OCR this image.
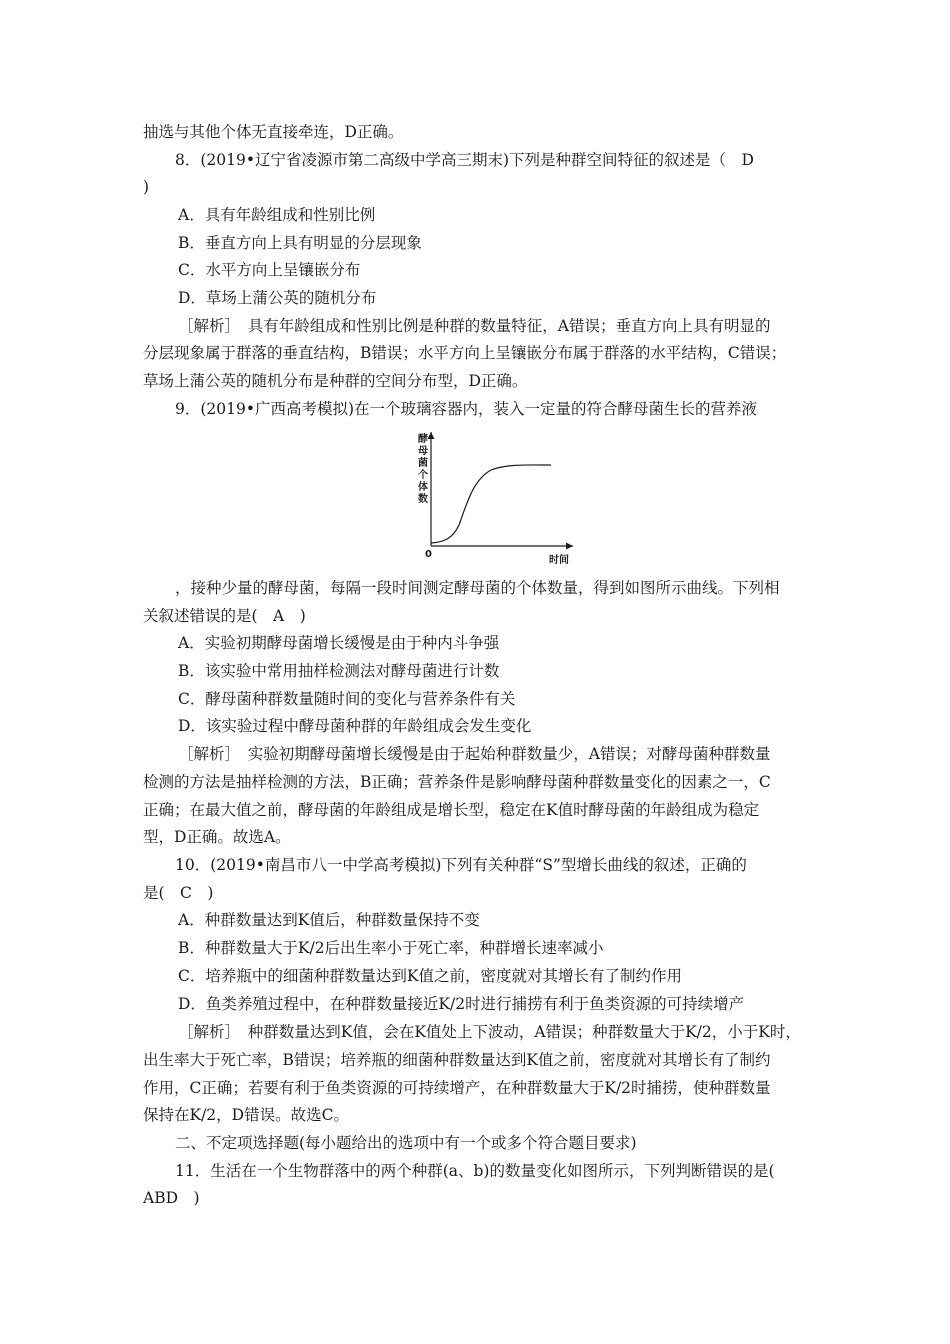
抽选与其他个体无直接牵连，D正确。
8．(2019•辽宁省凌源市第二高级中学高三期末)下列是种群空间特征的叙述是（　D
)
A．具有年龄组成和性别比例
B．垂直方向上具有明显的分层现象
C．水平方向上呈镶嵌分布
D．草场上蒲公英的随机分布
［解析］　具有年龄组成和性别比例是种群的数量特征，A错误；垂直方向上具有明显的
分层现象属于群落的垂直结构，B错误；水平方向上呈镶嵌分布属于群落的水平结构，C错误；
草场上蒲公英的随机分布是种群的空间分布型，D正确。
9．(2019•广西高考模拟)在一个玻璃容器内，装入一定量的符合酵母菌生长的营养液
酵
母
菌
个
体
数
0
时间
，接种少量的酵母菌，每隔一段时间测定酵母菌的个体数量，得到如图所示曲线。下列相
关叙述错误的是(　A　)
A．实验初期酵母菌增长缓慢是由于种内斗争强
B．该实验中常用抽样检测法对酵母菌进行计数
C．酵母菌种群数量随时间的变化与营养条件有关
D．该实验过程中酵母菌种群的年龄组成会发生变化
［解析］　实验初期酵母菌增长缓慢是由于起始种群数量少，A错误；对酵母菌种群数量
检测的方法是抽样检测的方法，B正确；营养条件是影响酵母菌种群数量变化的因素之一，C
正确；在最大值之前，酵母菌的年龄组成是增长型，稳定在K值时酵母菌的年龄组成为稳定
型，D正确。故选A。
10．(2019•南昌市八一中学高考模拟)下列有关种群“S”型增长曲线的叙述，正确的
是(　C　)
A．种群数量达到K值后，种群数量保持不变
B．种群数量大于K/2后出生率小于死亡率，种群增长速率减小
C．培养瓶中的细菌种群数量达到K值之前，密度就对其增长有了制约作用
D．鱼类养殖过程中，在种群数量接近K/2时进行捕捞有利于鱼类资源的可持续增产
［解析］　种群数量达到K值，会在K值处上下波动，A错误；种群数量大于K/2，小于K时，
出生率大于死亡率，B错误；培养瓶的细菌种群数量达到K值之前，密度就对其增长有了制约
作用，C正确；若要有利于鱼类资源的可持续增产，在种群数量大于K/2时捕捞，使种群数量
保持在K/2，D错误。故选C。
二、不定项选择题(每小题给出的选项中有一个或多个符合题目要求)
11．生活在一个生物群落中的两个种群(a、b)的数量变化如图所示，下列判断错误的是(
ABD　)
